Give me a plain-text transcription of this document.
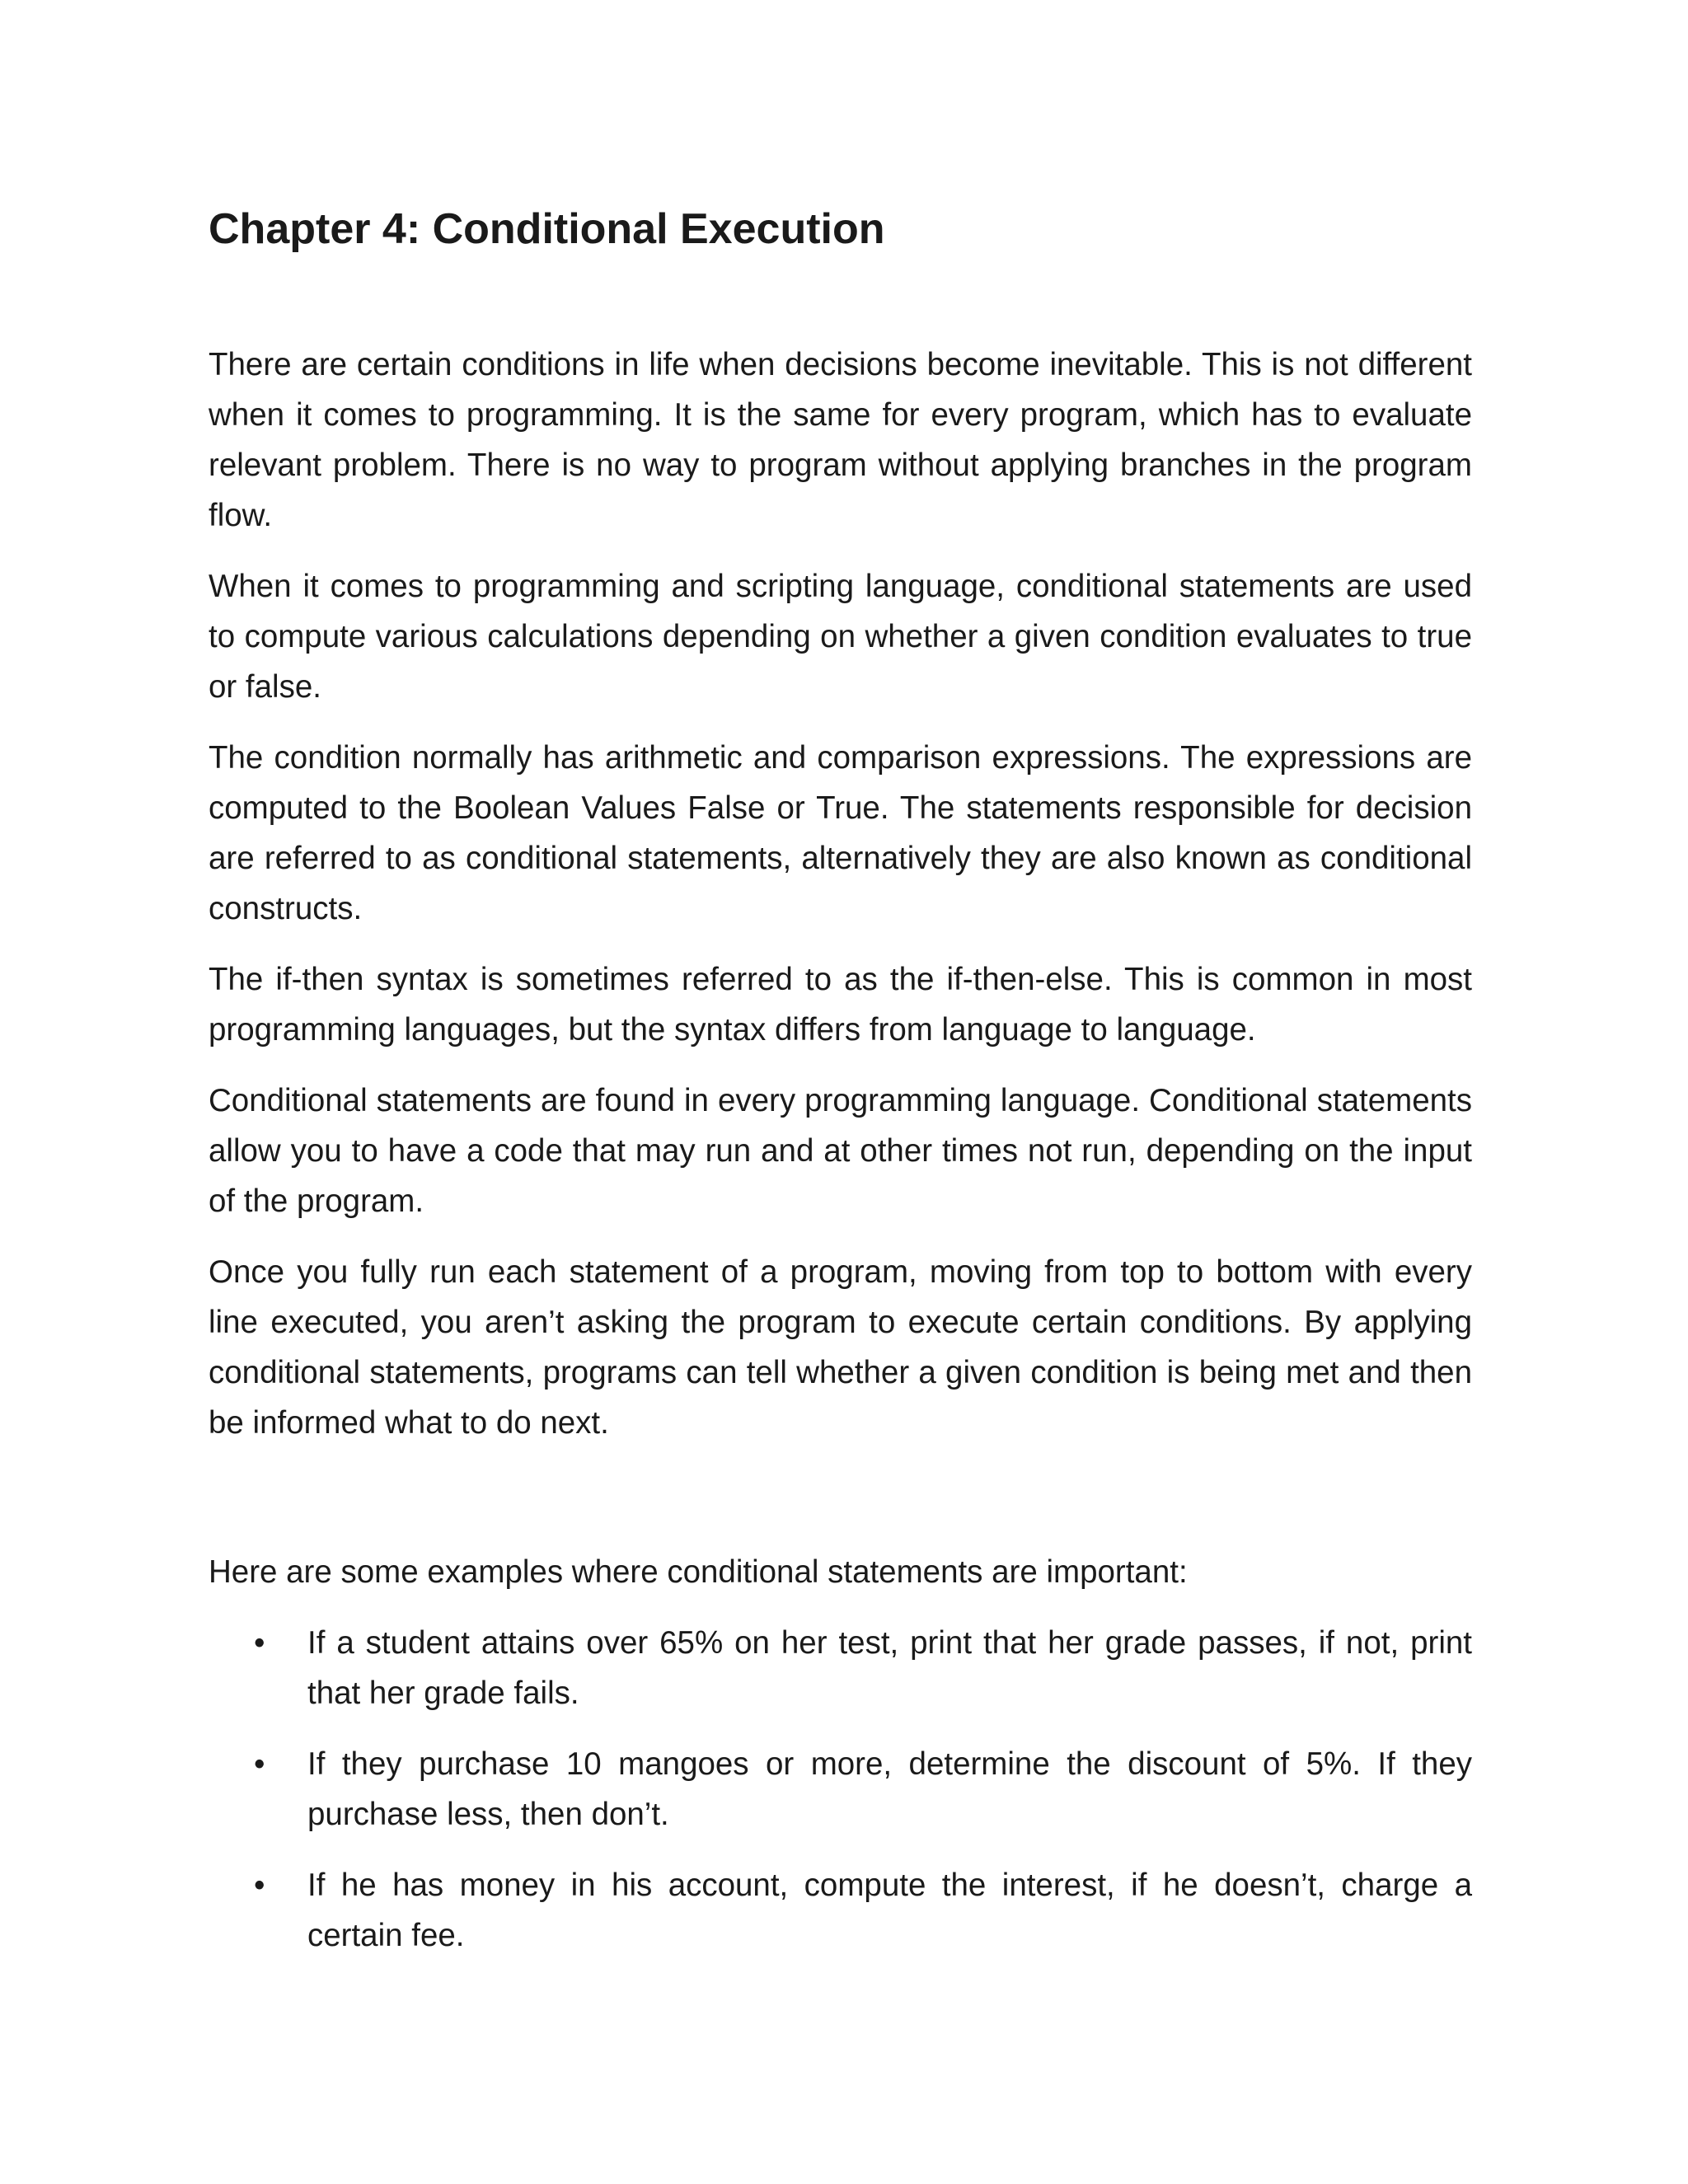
Chapter 4: Conditional Execution

There are certain conditions in life when decisions become inevitable. This is not different when it comes to programming. It is the same for every program, which has to evaluate relevant problem. There is no way to program without applying branches in the program flow.

When it comes to programming and scripting language, conditional statements are used to compute various calculations depending on whether a given condition evaluates to true or false.

The condition normally has arithmetic and comparison expressions. The expressions are computed to the Boolean Values False or True. The statements responsible for decision are referred to as conditional statements, alternatively they are also known as conditional constructs.

The if-then syntax is sometimes referred to as the if-then-else. This is common in most programming languages, but the syntax differs from language to language.

Conditional statements are found in every programming language. Conditional statements allow you to have a code that may run and at other times not run, depending on the input of the program.

Once you fully run each statement of a program, moving from top to bottom with every line executed, you aren’t asking the program to execute certain conditions. By applying conditional statements, programs can tell whether a given condition is being met and then be informed what to do next.

Here are some examples where conditional statements are important:

• If a student attains over 65% on her test, print that her grade passes, if not, print that her grade fails.
• If they purchase 10 mangoes or more, determine the discount of 5%. If they purchase less, then don’t.
• If he has money in his account, compute the interest, if he doesn’t, charge a certain fee.
